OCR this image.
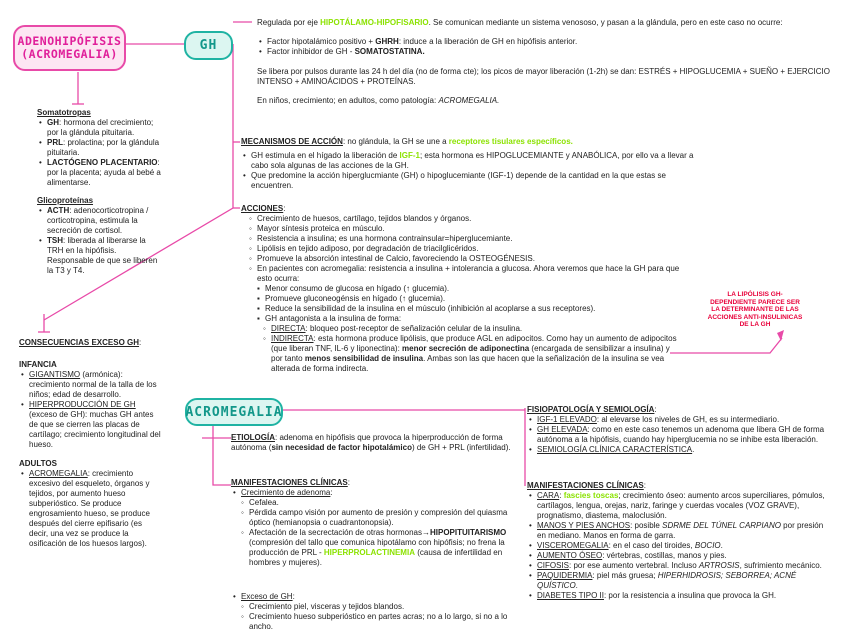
ADENOHIPÓFISIS
(ACROMEGALIA)
GH
ACROMEGALIA
Somatotropas
• GH: hormona del crecimiento; por la glándula pituitaria.
• PRL: prolactina; por la glándula pituitaria.
• LACTÓGENO PLACENTARIO: por la placenta; ayuda al bebé a alimentarse.
Glicoproteínas
• ACTH: adenocorticotropina / corticotropina, estimula la secreción de cortisol.
• TSH: liberada al liberarse la TRH en la hipófisis. Responsable de que se liberen la T3 y T4.
CONSECUENCIAS EXCESO GH:
INFANCIA
• GIGANTISMO (armónica): crecimiento normal de la talla de los niños; edad de desarrollo.
• HIPERPRODUCCIÓN DE GH (exceso de GH): muchas GH antes de que se cierren las placas de cartílago; crecimiento longitudinal del hueso.
ADULTOS
• ACROMEGALIA: crecimiento excesivo del esqueleto, órganos y tejidos, por aumento hueso subperióstico. Se produce engrosamiento hueso, se produce después del cierre epifisario (es decir, una vez se produce la osificación de los huesos largos).
Regulada por eje HIPOTÁLAMO-HIPOFISARIO. Se comunican mediante un sistema venososo, y pasan a la glándula, pero en este caso no ocurre:
• Factor hipotalámico positivo + GHRH: induce a la liberación de GH en hipófisis anterior.
• Factor inhibidor de GH - SOMATOSTATINA.
Se libera por pulsos durante las 24 h del día (no de forma cte); los picos de mayor liberación (1-2h) se dan: ESTRÉS + HIPOGLUCEMIA + SUEÑO + EJERCICIO INTENSO + AMINOÁCIDOS + PROTEÍNAS.
En niños, crecimiento; en adultos, como patología: ACROMEGALIA.
MECANISMOS DE ACCIÓN: no glándula, la GH se une a receptores tisulares específicos.
• GH estimula en el hígado la liberación de IGF-1; esta hormona es HIPOGLUCEMIANTE y ANABÓLICA, por ello va a llevar a cabo sola algunas de las acciones de la GH.
• Que predomine la acción hiperglucmiante (GH) o hipoglucemiante (IGF-1) depende de la cantidad en la que estas se encuentren.
ACCIONES:
◦ Crecimiento de huesos, cartílago, tejidos blandos y órganos.
◦ Mayor síntesis proteica en músculo.
◦ Resistencia a insulina; es una hormona contrainsular=hiperglucemiante.
◦ Lipólisis en tejido adiposo, por degradación de triacilglicéridos.
◦ Promueve la absorción intestinal de Calcio, favoreciendo la OSTEOGÉNESIS.
◦ En pacientes con acromegalia: resistencia a insulina + intolerancia a glucosa. Ahora veremos que hace la GH para que esto ocurra:
▪ Menor consumo de glucosa en hígado (↑ glucemia).
▪ Promueve gluconeogénsis en hígado (↑ glucemia).
▪ Reduce la sensibilidad de la insulina en el músculo (inhibición al acoplarse a sus receptores).
▪ GH antagonista a la insulina de forma:
◦ DIRECTA: bloqueo post-receptor de señalización celular de la insulina.
◦ INDIRECTA: esta hormona produce lipólisis, que produce AGL en adipocitos. Como hay un aumento de adipocitos (que liberan TNF, IL-6 y liponectina): menor secreción de adiponectina (encargada de sensibilizar a insulina) y por tanto menos sensibilidad de insulina. Ambas son las que hacen que la señalización de la insulina se vea alterada de forma indirecta.
LA LIPÓLISIS GH-DEPENDIENTE PARECE SER LA DETERMINANTE DE LAS ACCIONES ANTI-INSULINICAS DE LA GH
ETIOLOGÍA: adenoma en hipófisis que provoca la hiperproducción de forma autónoma (sin necesidad de factor hipotalámico) de GH + PRL (infertilidad).
MANIFESTACIONES CLÍNICAS:
• Crecimiento de adenoma:
◦ Cefalea.
◦ Pérdida campo visión por aumento de presión y compresión del quiasma óptico (hemianopsia o cuadrantonopsia).
◦ Afectación de la secrectación de otras hormonas→HIPOPITUITARISMO (compresión del tallo que comunica hipotálamo con hipófisis; no frena la producción de PRL - HIPERPROLACTINEMIA (causa de infertilidad en hombres y mujeres).
• Exceso de GH:
◦ Crecimiento piel, visceras y tejidos blandos.
◦ Crecimiento hueso subperióstico en partes acras; no a lo largo, si no a lo ancho.
FISIOPATOLOGÍA Y SEMIOLOGÍA:
• IGF-1 ELEVADO: al elevarse los niveles de GH, es su intermediario.
• GH ELEVADA: como en este caso tenemos un adenoma que libera GH de forma autónoma a la hipófisis, cuando hay hiperglucemia no se inhibe esta liberación.
• SEMIOLOGÍA CLÍNICA CARACTERÍSTICA.
MANIFESTACIONES CLÍNICAS:
• CARA: fascies toscas; crecimiento óseo: aumento arcos superciliares, pómulos, cartílagos, lengua, orejas, nariz, faringe y cuerdas vocales (VOZ GRAVE), prognatismo, diastema, maloclusión.
• MANOS Y PIES ANCHOS: posible SDRME DEL TÚNEL CARPIANO por presión en mediano. Manos en forma de garra.
• VISCEROMEGALIA: en el caso del tiroides, BOCIO.
• AUMENTO ÓSEO: vértebras, costillas, manos y pies.
• CIFOSIS: por ese aumento vertebral. Incluso ARTROSIS, sufrimiento mecánico.
• PAQUIDERMIA: piel más gruesa; HIPERHIDROSIS; SEBORREA; ACNÉ QUÍSTICO.
• DIABETES TIPO II: por la resistencia a insulina que provoca la GH.
